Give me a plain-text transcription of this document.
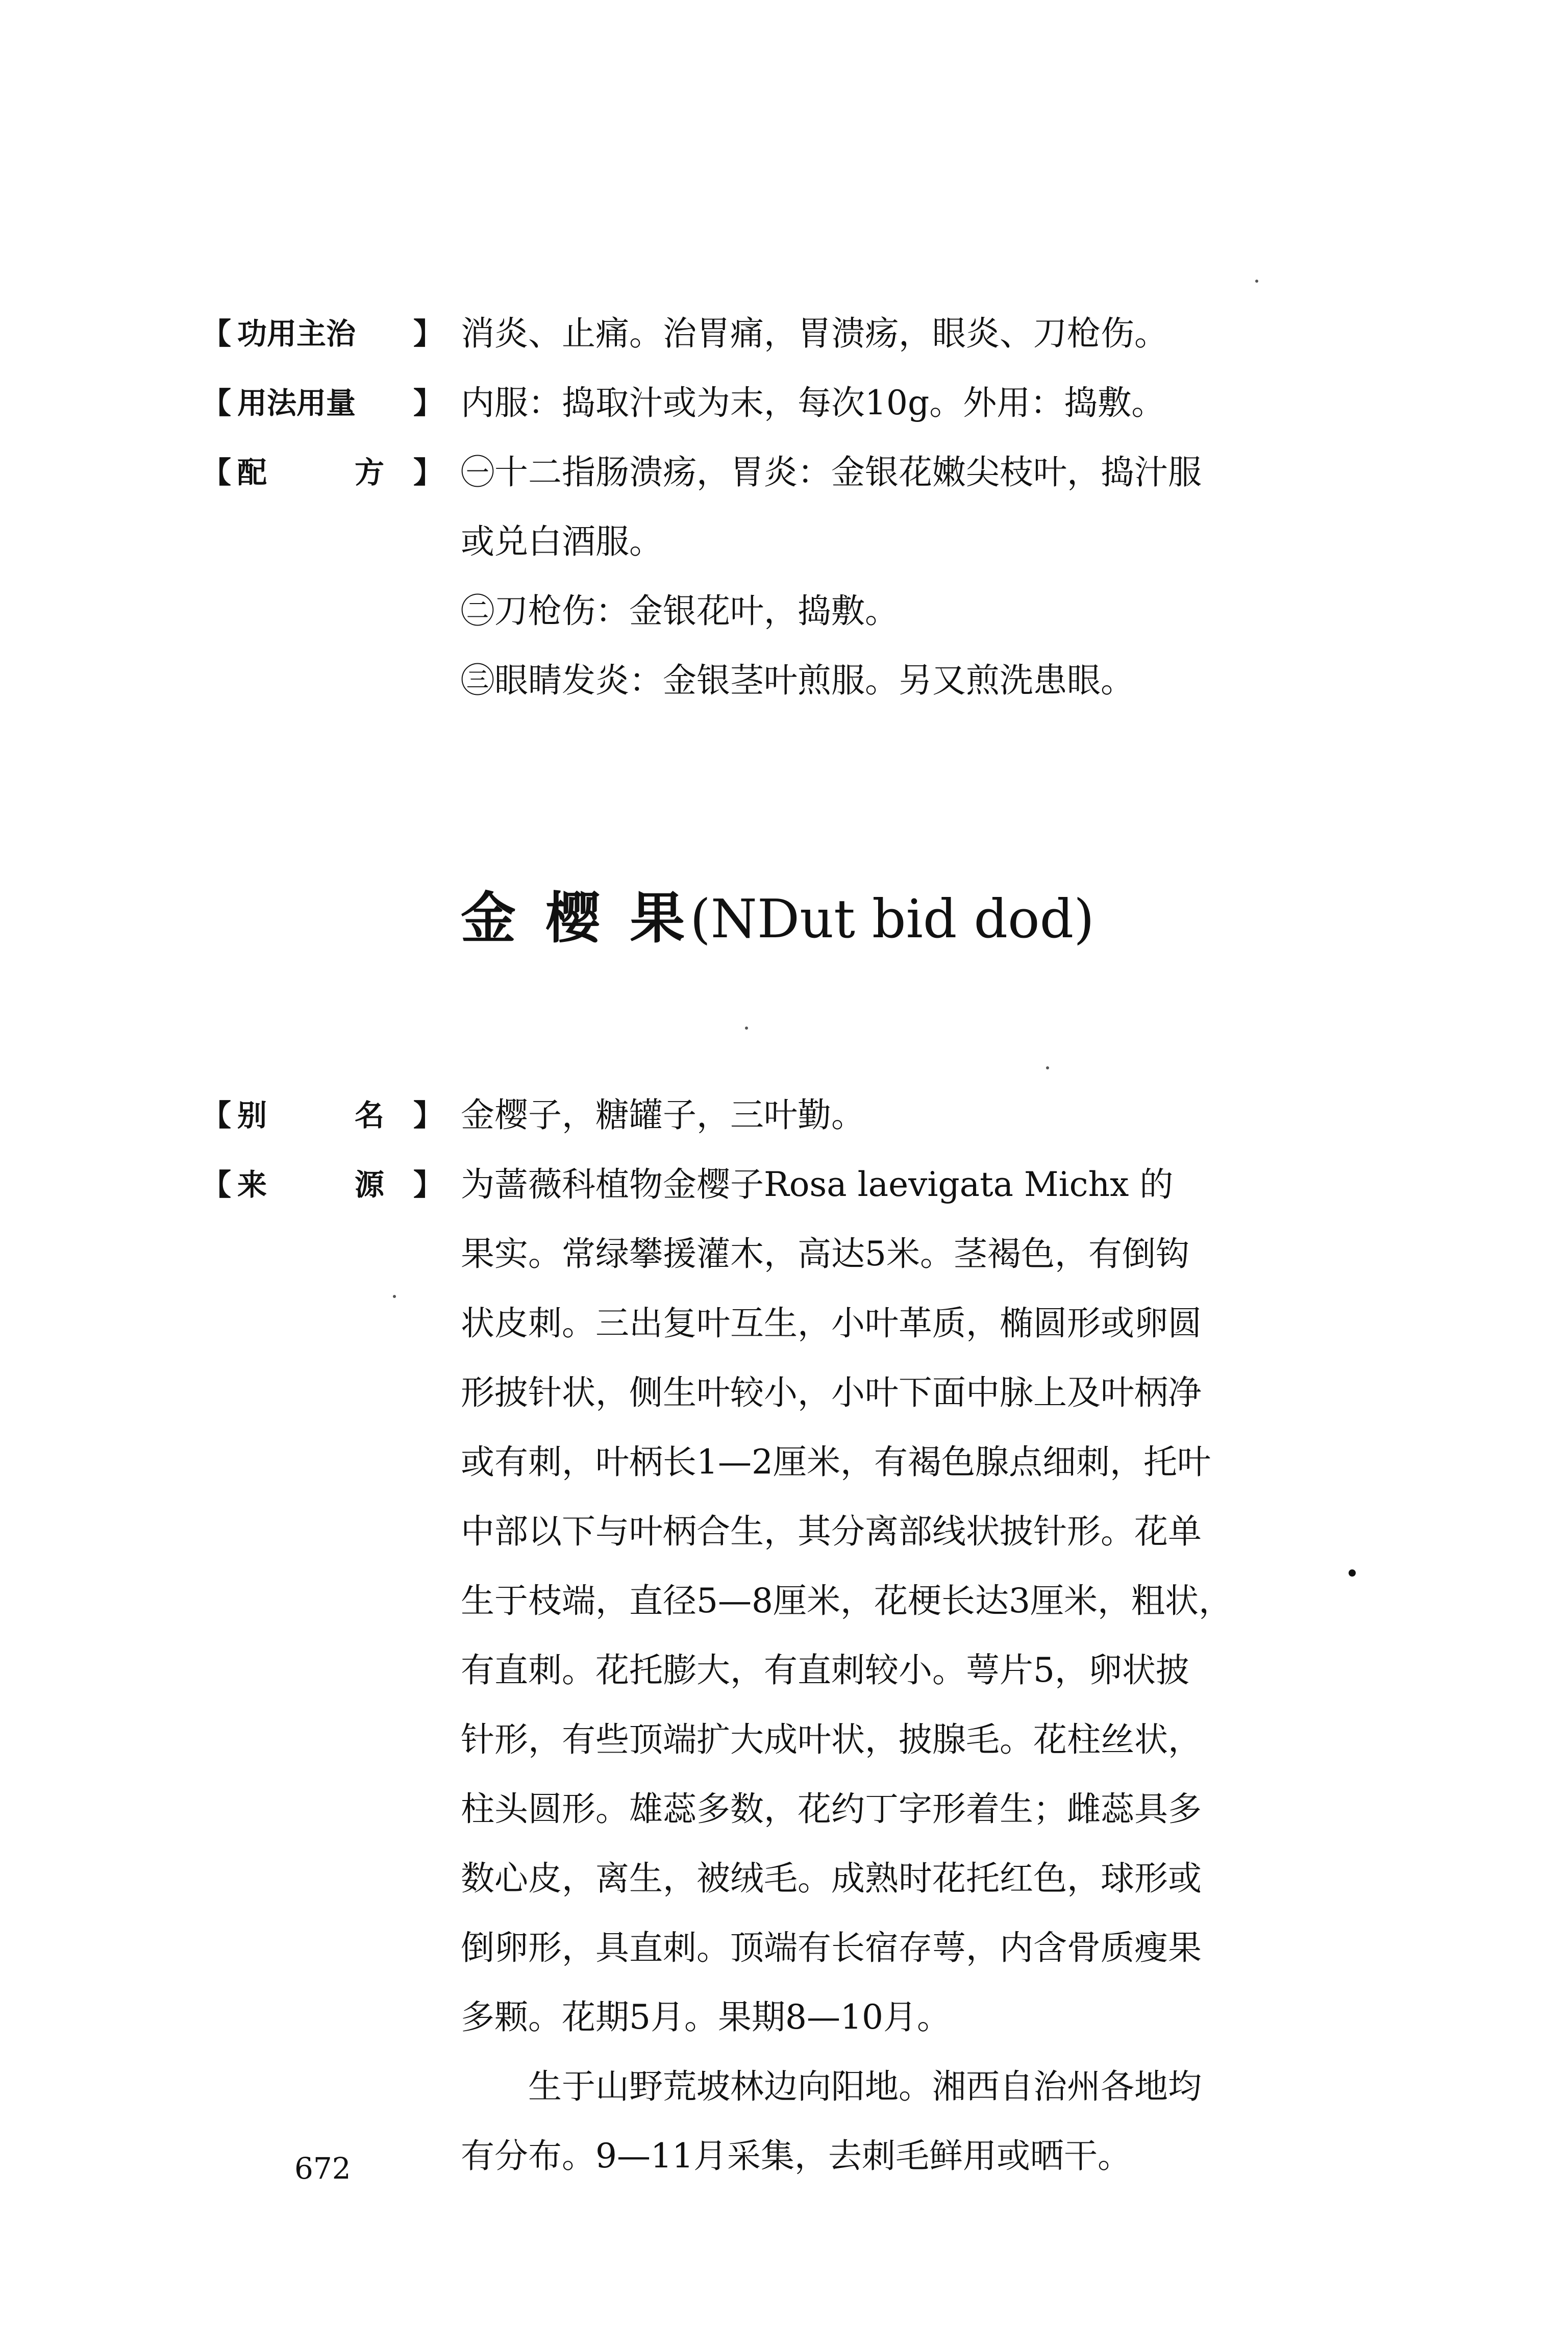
【 功用主治 】 消炎、止痛。治胃痛，胃溃疡，眼炎、刀枪伤。
【 用法用量 】 内服：捣取汁或为末，每次10g。外用：捣敷。
【 配	方 】 ㊀十二指肠溃疡，胃炎：金银花嫩尖枝叶，捣汁服
或兑白酒服。
㊁刀枪伤：金银花叶，捣敷。
㊂眼睛发炎：金银茎叶煎服。另又煎洗患眼。
金 樱 果(NDut bid dod)
【 别	名 】 金樱子，糖罐子，三叶勤。
【 来	源 】 为蔷薇科植物金樱子Rosa laevigata Michx 的
果实。常绿攀援灌木，高达5米。茎褐色，有倒钩
状皮刺。三出复叶互生，小叶革质，椭圆形或卵圆
形披针状，侧生叶较小，小叶下面中脉上及叶柄净
或有刺，叶柄长1—2厘米，有褐色腺点细刺，托叶
中部以下与叶柄合生，其分离部线状披针形。花单
生于枝端，直径5—8厘米，花梗长达3厘米，粗状，
有直刺。花托膨大，有直刺较小。萼片5，卵状披
针形，有些顶端扩大成叶状，披腺毛。花柱丝状，
柱头圆形。雄蕊多数，花约丁字形着生；雌蕊具多
数心皮，离生，被绒毛。成熟时花托红色，球形或
倒卵形，具直刺。顶端有长宿存萼，内含骨质瘦果
多颗。花期5月。果期8—10月。
生于山野荒坡林边向阳地。湘西自治州各地均
有分布。9—11月采集，去刺毛鲜用或晒干。
672
